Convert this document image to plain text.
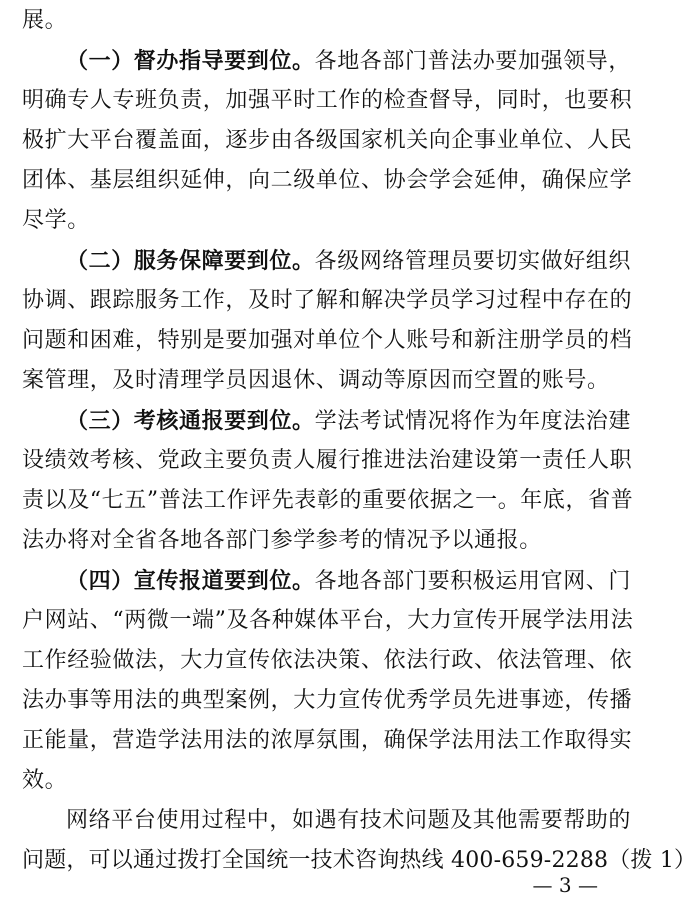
展。
（一）督办指导要到位。各地各部门普法办要加强领导，
明确专人专班负责，加强平时工作的检查督导，同时，也要积
极扩大平台覆盖面，逐步由各级国家机关向企事业单位、人民
团体、基层组织延伸，向二级单位、协会学会延伸，确保应学
尽学。
（二）服务保障要到位。各级网络管理员要切实做好组织
协调、跟踪服务工作，及时了解和解决学员学习过程中存在的
问题和困难，特别是要加强对单位个人账号和新注册学员的档
案管理，及时清理学员因退休、调动等原因而空置的账号。
（三）考核通报要到位。学法考试情况将作为年度法治建
设绩效考核、党政主要负责人履行推进法治建设第一责任人职
责以及“七五”普法工作评先表彰的重要依据之一。年底，省普
法办将对全省各地各部门参学参考的情况予以通报。
（四）宣传报道要到位。各地各部门要积极运用官网、门
户网站、“两微一端”及各种媒体平台，大力宣传开展学法用法
工作经验做法，大力宣传依法决策、依法行政、依法管理、依
法办事等用法的典型案例，大力宣传优秀学员先进事迹，传播
正能量，营造学法用法的浓厚氛围，确保学法用法工作取得实
效。
网络平台使用过程中，如遇有技术问题及其他需要帮助的
问题，可以通过拨打全国统一技术咨询热线 400-659-2288（拨 1）
— 3 —
